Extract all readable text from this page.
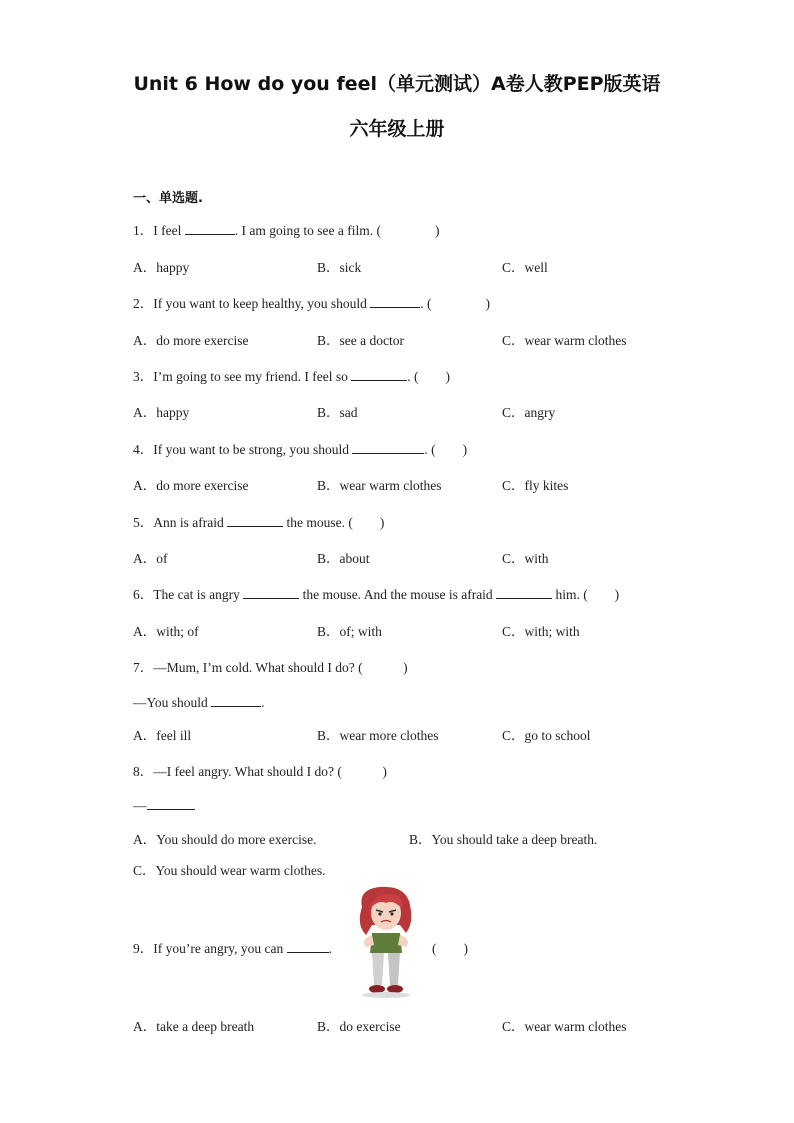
Unit 6 How do you feel（单元测试）A卷人教PEP版英语
六年级上册
一、单选题.
1．I feel	. I am going to see a film. (　　　　)
A．happy	B．sick	C．well
2．If you want to keep healthy, you should	. (　　　　)
A．do more exercise	B．see a doctor	C．wear warm clothes
3．I’m going to see my friend. I feel so	. (　　)
A．happy	B．sad	C．angry
4．If you want to be strong, you should	. (　　)
A．do more exercise	B．wear warm clothes	C．fly kites
5．Ann is afraid	the mouse. (　　)
A．of	B．about	C．with
6．The cat is angry	the mouse. And the mouse is afraid	him. (　　)
A．with; of	B．of; with	C．with; with
7．—Mum, I’m cold. What should I do? (　　　)
—You should	.
A．feel ill	B．wear more clothes	C．go to school
8．—I feel angry. What should I do? (　　　)
—
A．You should do more exercise.	B．You should take a deep breath.
C．You should wear warm clothes.
9．If you’re angry, you can	.	(　　)
A．take a deep breath	B．do exercise	C．wear warm clothes
